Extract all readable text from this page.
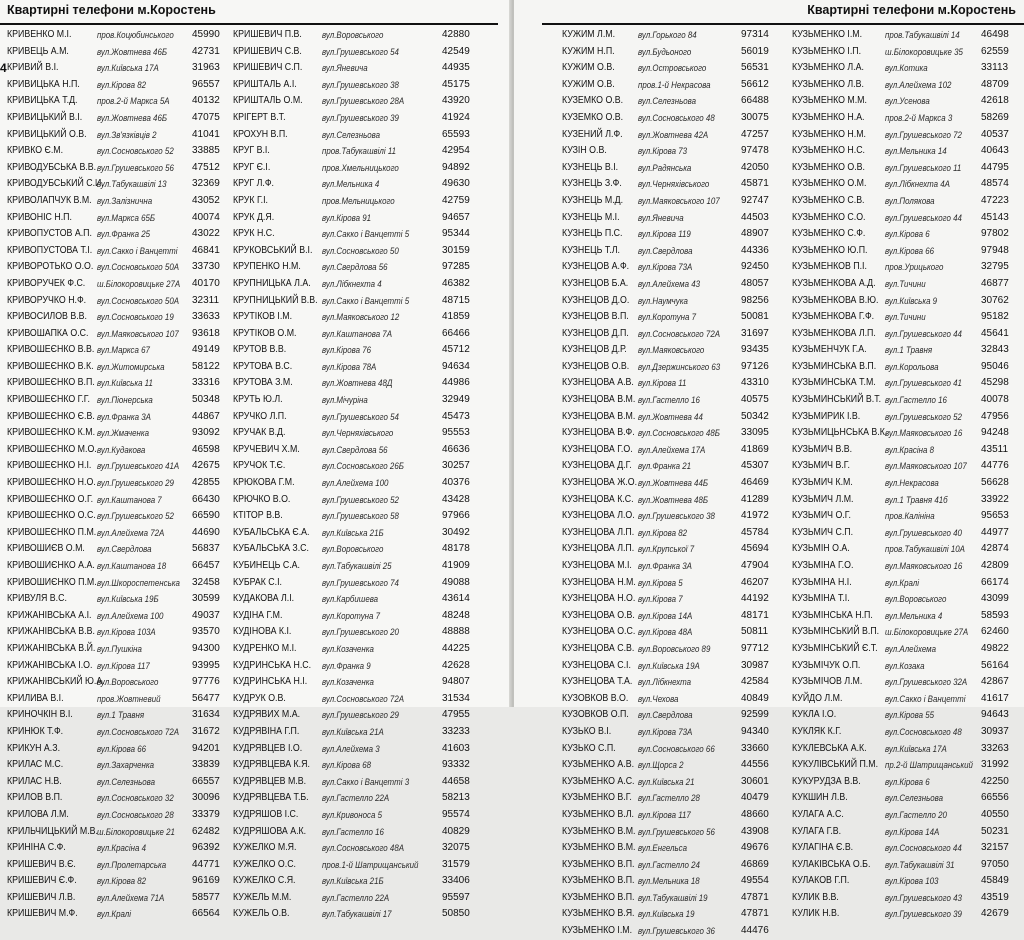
Квартирні телефони м.Коростень
4
КРИВЕНКО М.І.	пров.Коцюбинського 45990
КРИВЕЦЬ А.М.	вул.Жовтнева 46Б 42731
КРИВИЙ В.І.	вул.Київська 17А	31963
КРИВИЦЬКА Н.П. вул.Кірова 82	96557
КРИВИЦЬКА Т.Д. пров.2-й Маркса 5А 40132
КРИВИЦЬКИЙ В.І. вул.Жовтнева 46Б 47075
КРИВИЦЬКИЙ О.В. вул.Зв'язківців 2	41041
КРИВКО Є.М.	вул.Сосновського 52 33885
КРИВОДУБСЬКА В.В. вул.Грушевського 56 47512
КРИВОДУБСЬКИЙ С.И.
вул.Табукашвілі 13	32369
КРИВОЛАПЧУК В.М. вул.Залізнична	43052
КРИВОНІС Н.П.	вул.Маркса 65Б	40074
КРИВОПУСТОВ А.П. вул.Франка 25	43022
КРИВОПУСТОВА Т.І. вул.Сакко і Ванцетті 46841
КРИВОРОТЬКО О.О. вул.Сосновського 50А 33730
КРИВОРУЧЕК Ф.С. ш.Білокоровицьке 27А 40170
КРИВОРУЧКО Н.Ф. вул.Сосновського 50А 32311
КРИВОСИЛОВ В.В. вул.Сосновського 19 33633
КРИВОШАПКА О.С. вул.Маяковського 107 93618
КРИВОШЕЄНКО В.В. вул.Маркса 67	49149
КРИВОШЕЄНКО В.К. вул.Житомирська	58122
КРИВОШЕЄНКО В.П. вул.Київська 11	33316
КРИВОШЕЄНКО Г.Г. вул.Піонерська	50348
КРИВОШЕЄНКО Є.В. вул.Франка 3А	44867
КРИВОШЕЄНКО К.М. вул.Жмаченка	93092
КРИВОШЕЄНКО М.О. вул.Кудакова	46598
КРИВОШЕЄНКО Н.І. вул.Грушевського 41А 42675
КРИВОШЕЄНКО Н.О. вул.Грушевського 29 42855
КРИВОШЕЄНКО О.Г. вул.Каштанова 7	66430
КРИВОШЕЄНКО О.С. вул.Грушевського 52 66590
КРИВОШЕЄНКО П.М. вул.Алейхема 72А	44690
КРИВОШИЄВ О.М. вул.Свердлова	56837
КРИВОШИЄНКО А.А. вул.Каштанова 18	66457
КРИВОШИЄНКО П.М. вул.Шкороспетенська 32458
КРИВУЛЯ В.С.	вул.Київська 19Б	30599
КРИЖАНІВСЬКА А.І. вул.Алейхема 100	49037
КРИЖАНІВСЬКА В.В. вул.Кірова 103А	93570
КРИЖАНІВСЬКА В.Й. вул.Пушкіна	94300
КРИЖАНІВСЬКА І.О. вул.Кірова 117	93995
КРИЖАНІВСЬКИЙ Ю.А.
вул.Воровського	97776
КРИЛИВА В.І.	пров.Жовтневий	56477
КРИНОЧКІН В.І.	вул.1 Травня	31634
КРИНЮК Т.Ф.	вул.Сосновського 72А 31672
КРИКУН А.З.	вул.Кірова 66	94201
КРИЛАС М.С.	вул.Захарченка	33839
КРИЛАС Н.В.	вул.Селезньова	66557
КРИЛОВ В.П.	вул.Сосновського 32 30096
КРИЛОВА Л.М.	вул.Сосновського 28 33379
КРИЛЬЧИЦЬКИЙ М.В. ш.Білокоровицьке 21 62482
КРИНІНА С.Ф.	вул.Красіна 4	96392
КРИШЕВИЧ В.Є. вул.Пролетарська	44771
КРИШЕВИЧ Є.Ф. вул.Кірова 82	96169
КРИШЕВИЧ Л.В. вул.Алейхема 71А	58577
КРИШЕВИЧ М.Ф. вул.Кралі	66564
КРИШЕВИЧ П.В. вул.Воровського	42880
КРИШЕВИЧ С.В. вул.Грушевського 54	42549
КРИШЕВИЧ С.П. вул.Яневича	44935
КРИШТАЛЬ А.І.	вул.Грушевського 38	45175
КРИШТАЛЬ О.М. вул.Грушевського 28А	43920
КРІГЕРТ В.Т.	вул.Грушевського 39	41924
КРОХУН В.П.	вул.Селезньова	65593
КРУГ В.І.	пров.Табукашвілі 11	42954
КРУГ Є.І.	пров.Хмельницького	94892
КРУГ Л.Ф.	вул.Мельника 4	49630
КРУК Г.І.	пров.Мельницького	42759
КРУК Д.Я.	вул.Кірова 91	94657
КРУК Н.С.	вул.Сакко і Ванцетті 5	95344
КРУКОВСЬКИЙ В.І. вул.Сосновського 50	30159
КРУПЕНКО Н.М. вул.Свердлова 56	97285
КРУПНИЦЬКА Л.А. вул.Лібкнехта 4	46382
КРУПНИЦЬКИЙ В.В. вул.Сакко і Ванцетті 5	48715
КРУТІКОВ І.М.	вул.Маяковського 12	41859
КРУТІКОВ О.М.	вул.Каштанова 7А	66466
КРУТОВ В.В.	вул.Кірова 76	45712
КРУТОВА В.С.	вул.Кірова 78А	94634
КРУТОВА З.М.	вул.Жовтнева 48Д	44986
КРУТЬ Ю.Л.	вул.Мічуріна	32949
КРУЧКО Л.П.	вул.Грушевського 54	45473
КРУЧАК В.Д.	вул.Черняхівського	95553
КРУЧЕВИЧ Х.М. вул.Свердлова 56	46636
КРУЧОК Т.Є.	вул.Сосновського 26Б	30257
КРЮКОВА Г.М.	вул.Алейхема 100	40376
КРЮЧКО В.О.	вул.Грушевського 52	43428
КТІТОР В.В.	вул.Грушевського 58	97966
КУБАЛЬСЬКА Є.А. вул.Київська 21Б	30492
КУБАЛЬСЬКА З.С. вул.Воровського	48178
КУБИНЕЦЬ С.А. вул.Табукашвілі 25	41909
КУБРАК С.І.	вул.Грушевського 74	49088
КУДАКОВА Л.І.	вул.Карбишева	43614
КУДІНА Г.М.	вул.Коротуна 7	48248
КУДІНОВА К.І.	вул.Грушевського 20	48888
КУДРЕНКО М.І.	вул.Козаченка	44225
КУДРИНСЬКА Н.С. вул.Франка 9	42628
КУДРИНСЬКА Н.І. вул.Козаченка	94807
КУДРУК О.В.	вул.Сосновського 72А	31534
КУДРЯВИХ М.А. вул.Грушевського 29	47955
КУДРЯВІНА Г.П.	вул.Київська 21А	33233
КУДРЯВЦЕВ І.О. вул.Алейхема 3	41603
КУДРЯВЦЕВА К.Я. вул.Кірова 68	93332
КУДРЯВЦЕВ М.В. вул.Сакко і Ванцетті 3	44658
КУДРЯВЦЕВА Т.Б. вул.Гастелло 22А	58213
КУДРЯШОВ І.С.	вул.Кривоноса 5	95574
КУДРЯШОВА А.К. вул.Гастелло 16	40829
КУЖЕЛКО М.Я.	вул.Сосновського 48А	32075
КУЖЕЛКО О.С.	пров.1-й Шатрищанський 31579
КУЖЕЛКО С.Я.	вул.Київська 21Б	33406
КУЖЕЛЬ М.М.	вул.Гастелло 22А	95597
КУЖЕЛЬ О.В.	вул.Табукашвілі 17	50850
Квартирні телефони м.Коростень
КУЖИМ Л.М.	вул.Горького 84	97314
КУЖИМ Н.П.	вул.Будьоного	56019
КУЖИМ О.В.	вул.Островського	56531
КУЖИМ О.В.	пров.1-й Некрасова	56612
КУЗЕМКО О.В. вул.Селезньова	66488
КУЗЕМКО О.В. вул.Сосновського 48	30075
КУЗЕНИЙ Л.Ф. вул.Жовтнева 42А	47257
КУЗІН О.В.	вул.Кірова 73	97478
КУЗНЕЦЬ В.І. вул.Радянська	42050
КУЗНЕЦЬ З.Ф. вул.Черняхівського	45871
КУЗНЕЦЬ М.Д. вул.Маяковського 107 92747
КУЗНЕЦЬ М.І. вул.Яневича	44503
КУЗНЕЦЬ П.С. вул.Кірова 119	48907
КУЗНЕЦЬ Т.Л. вул.Свердлова	44336
КУЗНЕЦОВ А.Ф. вул.Кірова 73А	92450
КУЗНЕЦОВ Б.А. вул.Алейхема 43	48057
КУЗНЕЦОВ Д.О. вул.Наумчука	98256
КУЗНЕЦОВ В.П. вул.Коротуна 7	50081
КУЗНЕЦОВ Д.П. вул.Сосновського 72А 31697
КУЗНЕЦОВ Д.Р. вул.Маяковського	93435
КУЗНЕЦОВ О.В. вул.Дзержинського 63 97126
КУЗНЕЦОВА А.В. вул.Кірова 11	43310
КУЗНЕЦОВА В.М. вул.Гастелло 16	40575
КУЗНЕЦОВА В.М. вул.Жовтнева 44	50342
КУЗНЕЦОВА В.Ф. вул.Сосновського 48Б 33095
КУЗНЕЦОВА Г.О. вул.Алейхема 17А	41869
КУЗНЕЦОВА Д.Г. вул.Франка 21	45307
КУЗНЕЦОВА Ж.О. вул.Жовтнева 44Б	46469
КУЗНЕЦОВА К.С. вул.Жовтнева 48Б	41289
КУЗНЕЦОВА Л.О. вул.Грушевського 38	41972
КУЗНЕЦОВА Л.П. вул.Кірова 82	45784
КУЗНЕЦОВА Л.П. вул.Крупської 7	45694
КУЗНЕЦОВА М.І. вул.Франка 3А	47904
КУЗНЕЦОВА Н.М. вул.Кірова 5	46207
КУЗНЕЦОВА Н.О. вул.Кірова 7	44192
КУЗНЕЦОВА О.В. вул.Кірова 14А	48171
КУЗНЕЦОВА О.С. вул.Кірова 48А	50811
КУЗНЕЦОВА С.В. вул.Воровського 89	97712
КУЗНЕЦОВА С.І. вул.Київська 19А	30987
КУЗНЕЦОВА Т.А. вул.Лібкнехта	42584
КУЗОВКОВ В.О. вул.Чехова	40849
КУЗОВКОВ О.П. вул.Свердлова	92599
КУЗЬКО В.І.	вул.Кірова 73А	94340
КУЗЬКО С.П. вул.Сосновського 66	33660
КУЗЬМЕНКО А.В. вул.Щорса 2	44556
КУЗЬМЕНКО А.С. вул.Київська 21	30601
КУЗЬМЕНКО В.Г. вул.Гастелло 28	40479
КУЗЬМЕНКО В.Л. вул.Кірова 117	48660
КУЗЬМЕНКО В.М. вул.Грушевського 56	43908
КУЗЬМЕНКО В.М. вул.Енгельса	49676
КУЗЬМЕНКО В.П. вул.Гастелло 24	46869
КУЗЬМЕНКО В.П. вул.Мельника 18	49554
КУЗЬМЕНКО В.П. вул.Табукашвілі 19	47871
КУЗЬМЕНКО В.Я. вул.Київська 19	47871
КУЗЬМЕНКО І.М. вул.Грушевського 36	44476
КУЗЬМЕНКО І.М.	пров.Табукашвілі 14 46498
КУЗЬМЕНКО І.П.	ш.Білокоровицьке 35 62559
КУЗЬМЕНКО Л.А. вул.Котика	33113
КУЗЬМЕНКО Л.В. вул.Алейхема 102	48709
КУЗЬМЕНКО М.М. вул.Усенова	42618
КУЗЬМЕНКО Н.А. пров.2-й Маркса 3	58269
КУЗЬМЕНКО Н.М. вул.Грушевського 72 40537
КУЗЬМЕНКО Н.С. вул.Мельника 14	40643
КУЗЬМЕНКО О.В. вул.Грушевського 11 44795
КУЗЬМЕНКО О.М. вул.Лібкнехта 4А	48574
КУЗЬМЕНКО С.В. вул.Полякова	47223
КУЗЬМЕНКО С.О. вул.Грушевського 44 45143
КУЗЬМЕНКО С.Ф. вул.Кірова 6	97802
КУЗЬМЕНКО Ю.П. вул.Кірова 66	97948
КУЗЬМЕНКОВ П.І. пров.Урицького	32795
КУЗЬМЕНКОВА А.Д. вул.Тичини	46877
КУЗЬМЕНКОВА В.Ю. вул.Київська 9	30762
КУЗЬМЕНКОВА Г.Ф. вул.Тичини	95182
КУЗЬМЕНКОВА Л.П. вул.Грушевського 44 45641
КУЗЬМЕНЧУК Г.А. вул.1 Травня	32843
КУЗЬМИНСЬКА В.П. вул.Корольова	95046
КУЗЬМИНСЬКА Т.М. вул.Грушевського 41 45298
КУЗЬМИНСЬКИЙ В.Т. вул.Гастелло 16	40078
КУЗЬМИРИК І.В.	вул.Грушевського 52 47956
КУЗЬМИЦЬНСЬКА В.К.
вул.Маяковського 16 94248
КУЗЬМИЧ В.В.	вул.Красіна 8	43511
КУЗЬМИЧ В.Г.	вул.Маяковського 107 44776
КУЗЬМИЧ К.М.	вул.Некрасова	56628
КУЗЬМИЧ Л.М.	вул.1 Травня 41б	33922
КУЗЬМИЧ О.Г.	пров.Калініна	95653
КУЗЬМИЧ С.П.	вул.Грушевського 40 44977
КУЗЬМІН О.А.	пров.Табукашвілі 10А 42874
КУЗЬМІНА Г.О.	вул.Маяковського 16 42809
КУЗЬМІНА Н.І.	вул.Кралі	66174
КУЗЬМІНА Т.І.	вул.Воровського	43099
КУЗЬМІНСЬКА Н.П. вул.Мельника 4	58593
КУЗЬМІНСЬКИЙ В.П. ш.Білокоровицьке 27А 62460
КУЗЬМІНСЬКИЙ Є.Т. вул.Алейхема	49822
КУЗЬМІЧУК О.П.	вул.Козака	56164
КУЗЬМІЧОВ Л.М.	вул.Грушевського 32А 42867
КУЙДО Л.М.	вул.Сакко і Ванцетті 41617
КУКЛА І.О.	вул.Кірова 55	94643
КУКЛЯК К.Г.	вул.Сосновського 48 30937
КУКЛЕВСЬКА А.К. вул.Київська 17А	33263
КУКУЛІВСЬКИЙ П.М. пр.2-й Шатрищанський 31992
КУКУРУДЗА В.В.	вул.Кірова 6	42250
КУКШИН Л.В.	вул.Селезньова	66556
КУЛАГА А.С.	вул.Гастелло 20	40550
КУЛАГА Г.В.	вул.Кірова 14А	50231
КУЛАГІНА Є.В.	вул.Сосновського 44 32157
КУЛАКІВСЬКА О.Б. вул.Табукашвілі 31	97050
КУЛАКОВ Г.П.	вул.Кірова 103	45849
КУЛИК В.В.	вул.Грушевського 43 43519
КУЛИК Н.В.	вул.Грушевського 39 42679
